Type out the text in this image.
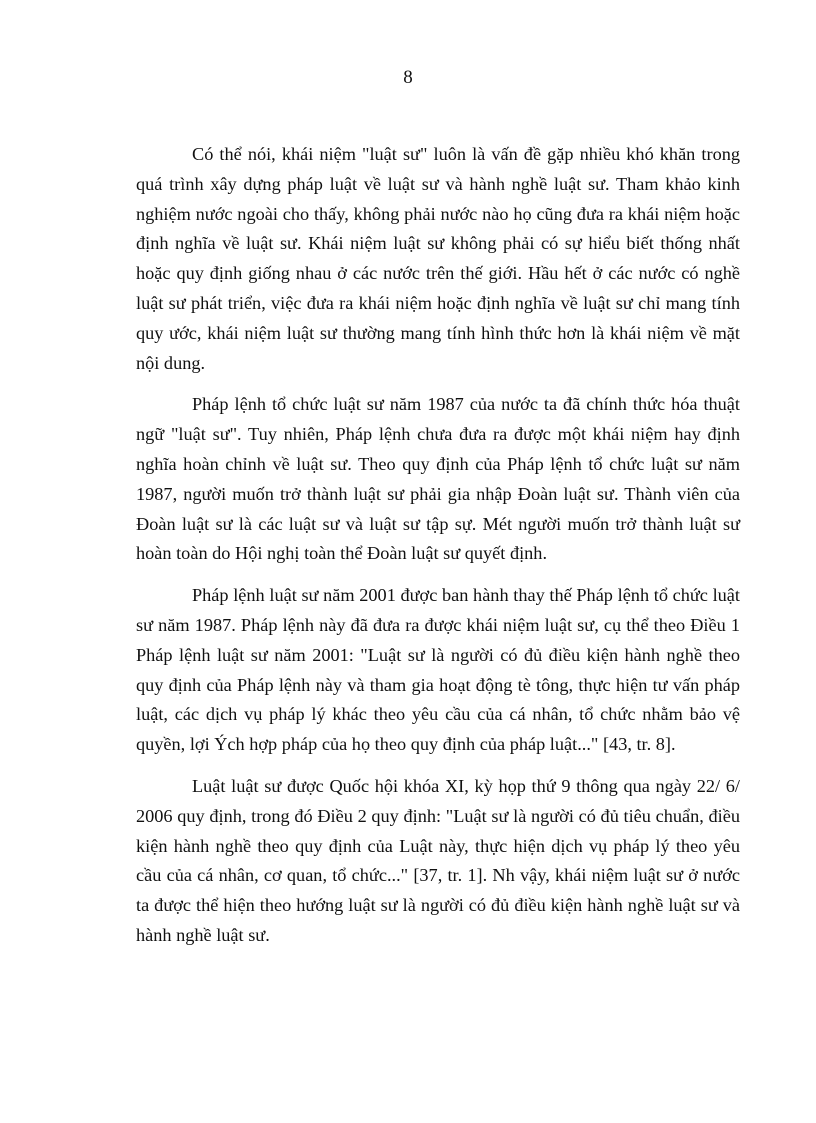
8

Có thể nói, khái niệm "luật sư" luôn là vấn đề gặp nhiều khó khăn trong quá trình xây dựng pháp luật về luật sư và hành nghề luật sư. Tham khảo kinh nghiệm nước ngoài cho thấy, không phải nước nào họ cũng đưa ra khái niệm hoặc định nghĩa về luật sư. Khái niệm luật sư không phải có sự hiểu biết thống nhất hoặc quy định giống nhau ở các nước trên thế giới. Hầu hết ở các nước có nghề luật sư phát triển, việc đưa ra khái niệm hoặc định nghĩa về luật sư chỉ mang tính quy ước, khái niệm luật sư thường mang tính hình thức hơn là khái niệm về mặt nội dung.

Pháp lệnh tổ chức luật sư năm 1987 của nước ta đã chính thức hóa thuật ngữ "luật sư". Tuy nhiên, Pháp lệnh chưa đưa ra được một khái niệm hay định nghĩa hoàn chỉnh về luật sư. Theo quy định của Pháp lệnh tổ chức luật sư năm 1987, người muốn trở thành luật sư phải gia nhập Đoàn luật sư. Thành viên của Đoàn luật sư là các luật sư và luật sư tập sự. Mét người muốn trở thành luật sư hoàn toàn do Hội nghị toàn thể Đoàn luật sư quyết định.

Pháp lệnh luật sư năm 2001 được ban hành thay thế Pháp lệnh tổ chức luật sư năm 1987. Pháp lệnh này đã đưa ra được khái niệm luật sư, cụ thể theo Điều 1 Pháp lệnh luật sư năm 2001: "Luật sư là người có đủ điều kiện hành nghề theo quy định của Pháp lệnh này và tham gia hoạt động tè tông, thực hiện tư vấn pháp luật, các dịch vụ pháp lý khác theo yêu cầu của cá nhân, tổ chức nhằm bảo vệ quyền, lợi Ých hợp pháp của họ theo quy định của pháp luật..." [43, tr. 8].

Luật luật sư được Quốc hội khóa XI, kỳ họp thứ 9 thông qua ngày 22/ 6/ 2006 quy định, trong đó Điều 2 quy định: "Luật sư là người có đủ tiêu chuẩn, điều kiện hành nghề theo quy định của Luật này, thực hiện dịch vụ pháp lý theo yêu cầu của cá nhân, cơ quan, tổ chức..." [37, tr. 1]. Nh vậy, khái niệm luật sư ở nước ta được thể hiện theo hướng luật sư là người có đủ điều kiện hành nghề luật sư và hành nghề luật sư.
